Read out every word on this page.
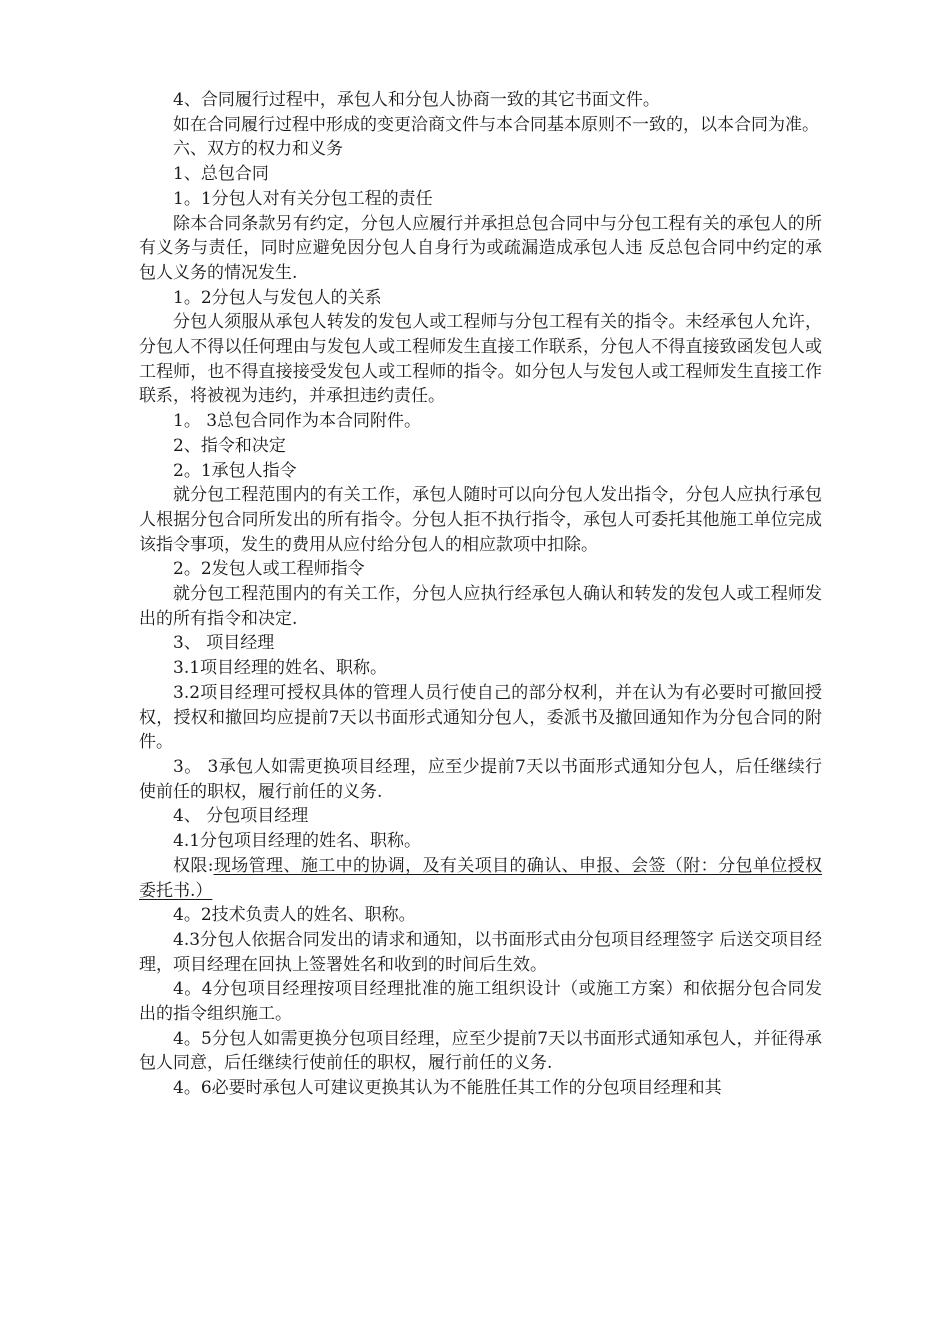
4、合同履行过程中，承包人和分包人协商一致的其它书面文件。

如在合同履行过程中形成的变更洽商文件与本合同基本原则不一致的，以本合同为准。

六、双方的权力和义务

1、总包合同

1。1分包人对有关分包工程的责任

除本合同条款另有约定，分包人应履行并承担总包合同中与分包工程有关的承包人的所有义务与责任，同时应避免因分包人自身行为或疏漏造成承包人违 反总包合同中约定的承包人义务的情况发生.

1。2分包人与发包人的关系

分包人须服从承包人转发的发包人或工程师与分包工程有关的指令。未经承包人允许，分包人不得以任何理由与发包人或工程师发生直接工作联系，分包人不得直接致函发包人或工程师，也不得直接接受发包人或工程师的指令。如分包人与发包人或工程师发生直接工作联系，将被视为违约，并承担违约责任。

1。 3总包合同作为本合同附件。

2、指令和决定

2。1承包人指令

就分包工程范围内的有关工作，承包人随时可以向分包人发出指令，分包人应执行承包人根据分包合同所发出的所有指令。分包人拒不执行指令，承包人可委托其他施工单位完成该指令事项，发生的费用从应付给分包人的相应款项中扣除。

2。2发包人或工程师指令

就分包工程范围内的有关工作，分包人应执行经承包人确认和转发的发包人或工程师发出的所有指令和决定.

3、 项目经理

3.1项目经理的姓名、职称。

3.2项目经理可授权具体的管理人员行使自己的部分权利，并在认为有必要时可撤回授权，授权和撤回均应提前7天以书面形式通知分包人，委派书及撤回通知作为分包合同的附件。

3。 3承包人如需更换项目经理，应至少提前7天以书面形式通知分包人，后任继续行使前任的职权，履行前任的义务.

4、 分包项目经理

4.1分包项目经理的姓名、职称。

权限:现场管理、施工中的协调，及有关项目的确认、申报、会签（附：分包单位授权委托书.）

4。2技术负责人的姓名、职称。

4.3分包人依据合同发出的请求和通知，以书面形式由分包项目经理签字 后送交项目经理，项目经理在回执上签署姓名和收到的时间后生效。

4。4分包项目经理按项目经理批准的施工组织设计（或施工方案）和依据分包合同发出的指令组织施工。

4。5分包人如需更换分包项目经理，应至少提前7天以书面形式通知承包人，并征得承包人同意，后任继续行使前任的职权，履行前任的义务.

4。6必要时承包人可建议更换其认为不能胜任其工作的分包项目经理和其
